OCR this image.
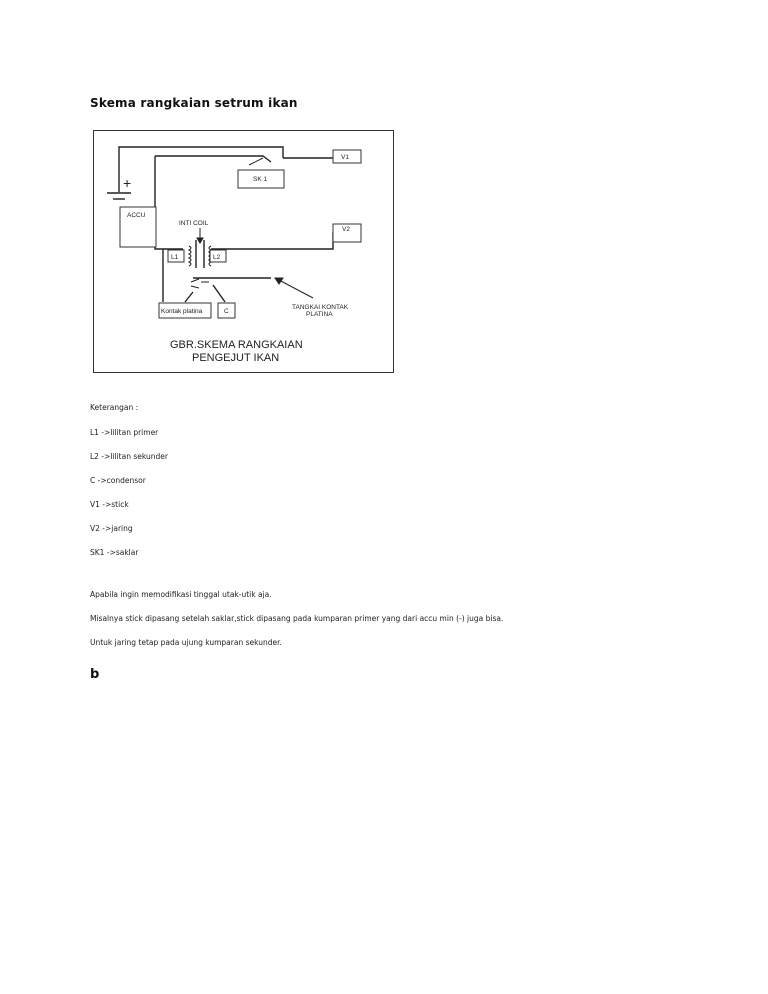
Skema rangkaian setrum ikan
+
ACCU
SK 1
V1
V2
INTI COIL
L1	L2
Kontak platina	C
TANGKAI KONTAK
PLATINA
GBR.SKEMA RANGKAIAN
PENGEJUT IKAN
Keterangan :
L1 ->lilitan primer
L2 ->lilitan sekunder
C ->condensor
V1 ->stick
V2 ->jaring
SK1 ->saklar
Apabila ingin memodifikasi tinggal utak-utik aja.
Misalnya stick dipasang setelah saklar,stick dipasang pada kumparan primer yang dari accu min (-) juga bisa.
Untuk jaring tetap pada ujung kumparan sekunder.
b
